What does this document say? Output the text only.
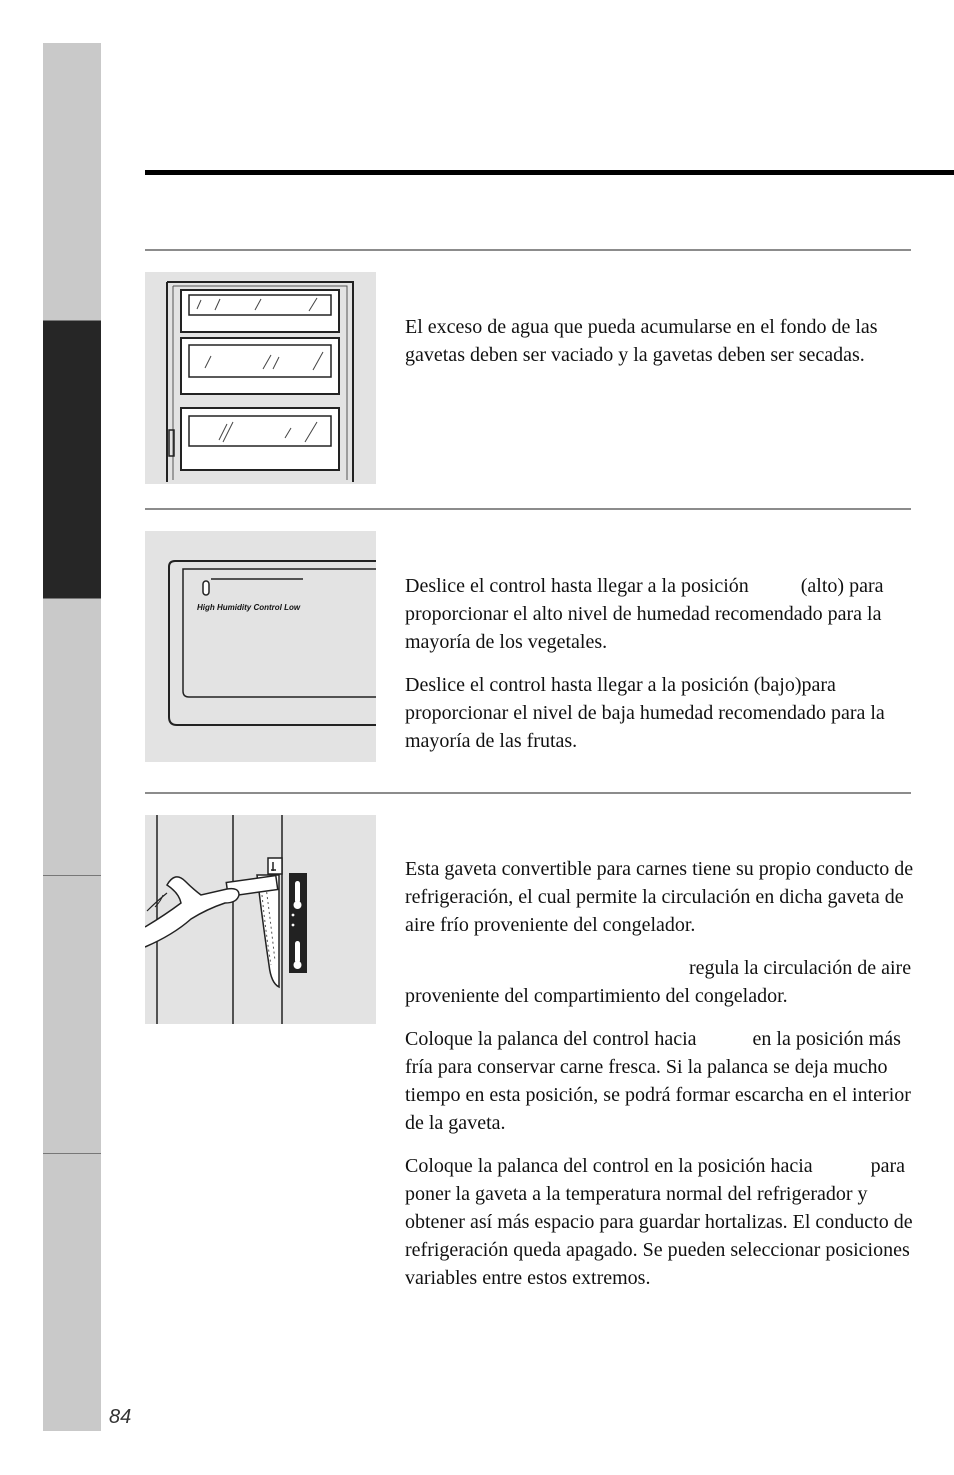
El exceso de agua que pueda acumularse en el fondo de las gavetas deben ser vaciado y la gavetas deben ser secadas.

High Humidity Control Low

Deslice el control hasta llegar a la posición	(alto) para proporcionar el alto nivel de humedad recomendado para la mayoría de los vegetales.

Deslice el control hasta llegar a la posición (bajo)para proporcionar el nivel de baja humedad recomendado para la mayoría de las frutas.

Esta gaveta convertible para carnes tiene su propio conducto de refrigeración, el cual permite la circulación en dicha gaveta de aire frío proveniente del congelador.

regula la circulación de aire proveniente del compartimiento del congelador.

Coloque la palanca del control hacia	en la posición más fría para conservar carne fresca. Si la palanca se deja mucho tiempo en esta posición, se podrá formar escarcha en el interior de la gaveta.

Coloque la palanca del control en la posición hacia	para poner la gaveta a la temperatura normal del refrigerador y obtener así más espacio para guardar hortalizas. El conducto de refrigeración queda apagado. Se pueden seleccionar posiciones variables entre estos extremos.

84
